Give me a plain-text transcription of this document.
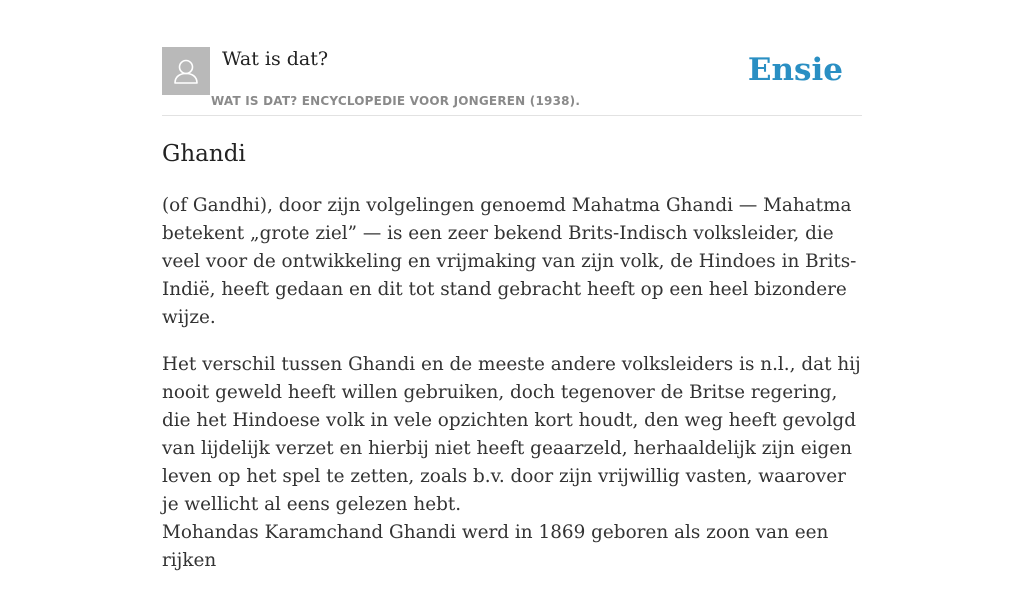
Wat is dat?
WAT IS DAT? ENCYCLOPEDIE VOOR JONGEREN (1938).
Ensie
Ghandi

(of Gandhi), door zijn volgelingen genoemd Mahatma Ghandi — Mahatma betekent „grote ziel” — is een zeer bekend Brits-Indisch volksleider, die veel voor de ontwikkeling en vrijmaking van zijn volk, de Hindoes in Brits-Indië, heeft gedaan en dit tot stand gebracht heeft op een heel bizondere wijze.

Het verschil tussen Ghandi en de meeste andere volksleiders is n.l., dat hij nooit geweld heeft willen gebruiken, doch tegenover de Britse regering, die het Hindoese volk in vele opzichten kort houdt, den weg heeft gevolgd van lijdelijk verzet en hierbij niet heeft geaarzeld, herhaaldelijk zijn eigen leven op het spel te zetten, zoals b.v. door zijn vrijwillig vasten, waarover je wellicht al eens gelezen hebt.

Mohandas Karamchand Ghandi werd in 1869 geboren als zoon van een rijken
